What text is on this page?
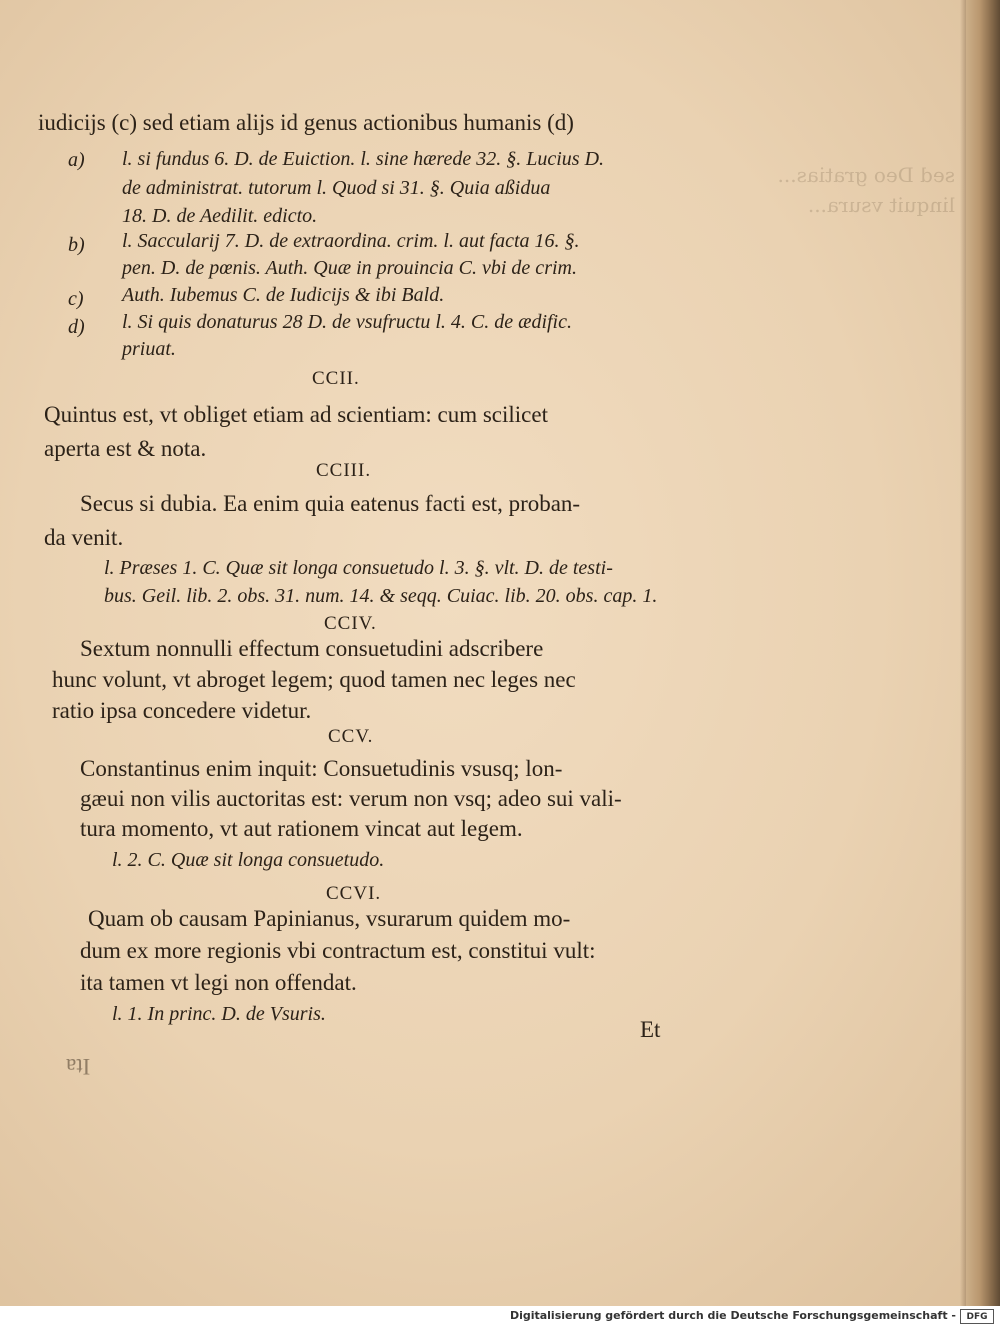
sed Deo gratias...
linquit vsura...
iudicijs (c) sed etiam alijs id genus actionibus humanis (d)
a) l. si fundus 6. D. de Euiction. l. sine hærede 32. §. Lucius D.
de administrat. tutorum l. Quod si 31. §. Quia aßidua
18. D. de Aedilit. edicto.
b) l. Saccularij 7. D. de extraordina. crim. l. aut facta 16. §.
pen. D. de pœnis. Auth. Quæ in prouincia C. vbi de crim.
c) Auth. Iubemus C. de Iudicijs & ibi Bald.
d) l. Si quis donaturus 28 D. de vsufructu l. 4. C. de ædific.
priuat.
CCII.
Quintus est, vt obliget etiam ad scientiam: cum scilicet
aperta est & nota.
CCIII.
Secus si dubia. Ea enim quia eatenus facti est, proban-
da venit.
l. Præses 1. C. Quæ sit longa consuetudo l. 3. §. vlt. D. de testi-
bus. Geil. lib. 2. obs. 31. num. 14. & seqq. Cuiac. lib. 20. obs. cap. 1.
CCIV.
Sextum nonnulli effectum consuetudini adscribere
hunc volunt, vt abroget legem; quod tamen nec leges nec
ratio ipsa concedere videtur.
CCV.
Constantinus enim inquit: Consuetudinis vsusq; lon-
gæui non vilis auctoritas est: verum non vsq; adeo sui vali-
tura momento, vt aut rationem vincat aut legem.
l. 2. C. Quæ sit longa consuetudo.
CCVI.
Quam ob causam Papinianus, vsurarum quidem mo-
dum ex more regionis vbi contractum est, constitui vult:
ita tamen vt legi non offendat.
l. 1. In princ. D. de Vsuris.
Et
Ita
Digitalisierung gefördert durch die Deutsche Forschungsgemeinschaft -	DFG
